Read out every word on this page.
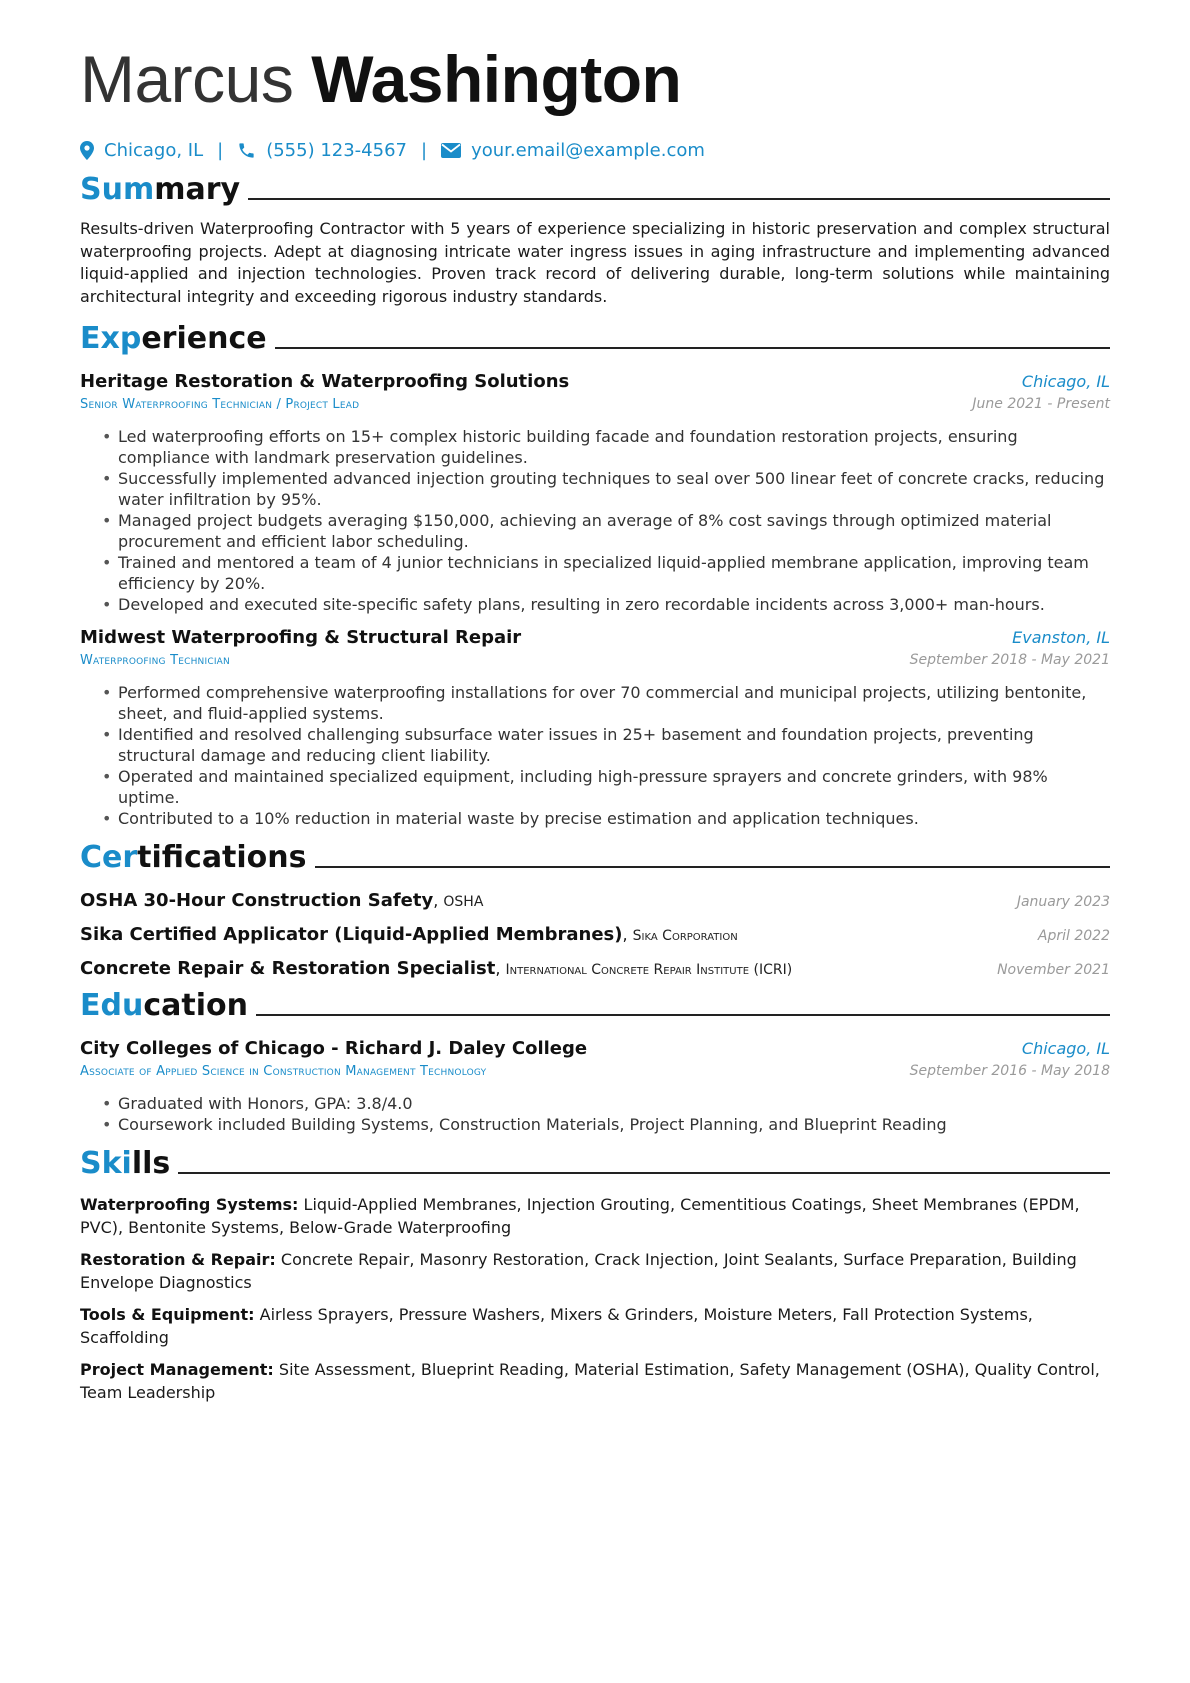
Marcus Washington
Chicago, IL | (555) 123-4567 | your.email@example.com
Summary
Results-driven Waterproofing Contractor with 5 years of experience specializing in historic preservation and complex structural waterproofing projects. Adept at diagnosing intricate water ingress issues in aging infrastructure and implementing advanced liquid-applied and injection technologies. Proven track record of delivering durable, long-term solutions while maintaining architectural integrity and exceeding rigorous industry standards.
Experience
Heritage Restoration & Waterproofing Solutions	Chicago, IL
Senior Waterproofing Technician / Project Lead	June 2021 - Present
• Led waterproofing efforts on 15+ complex historic building facade and foundation restoration projects, ensuring compliance with landmark preservation guidelines.
• Successfully implemented advanced injection grouting techniques to seal over 500 linear feet of concrete cracks, reducing water infiltration by 95%.
• Managed project budgets averaging $150,000, achieving an average of 8% cost savings through optimized material procurement and efficient labor scheduling.
• Trained and mentored a team of 4 junior technicians in specialized liquid-applied membrane application, improving team efficiency by 20%.
• Developed and executed site-specific safety plans, resulting in zero recordable incidents across 3,000+ man-hours.
Midwest Waterproofing & Structural Repair	Evanston, IL
Waterproofing Technician	September 2018 - May 2021
• Performed comprehensive waterproofing installations for over 70 commercial and municipal projects, utilizing bentonite, sheet, and fluid-applied systems.
• Identified and resolved challenging subsurface water issues in 25+ basement and foundation projects, preventing structural damage and reducing client liability.
• Operated and maintained specialized equipment, including high-pressure sprayers and concrete grinders, with 98% uptime.
• Contributed to a 10% reduction in material waste by precise estimation and application techniques.
Certifications
OSHA 30-Hour Construction Safety, OSHA	January 2023
Sika Certified Applicator (Liquid-Applied Membranes), Sika Corporation	April 2022
Concrete Repair & Restoration Specialist, International Concrete Repair Institute (ICRI)	November 2021
Education
City Colleges of Chicago - Richard J. Daley College	Chicago, IL
Associate of Applied Science in Construction Management Technology	September 2016 - May 2018
• Graduated with Honors, GPA: 3.8/4.0
• Coursework included Building Systems, Construction Materials, Project Planning, and Blueprint Reading
Skills
Waterproofing Systems: Liquid-Applied Membranes, Injection Grouting, Cementitious Coatings, Sheet Membranes (EPDM, PVC), Bentonite Systems, Below-Grade Waterproofing
Restoration & Repair: Concrete Repair, Masonry Restoration, Crack Injection, Joint Sealants, Surface Preparation, Building Envelope Diagnostics
Tools & Equipment: Airless Sprayers, Pressure Washers, Mixers & Grinders, Moisture Meters, Fall Protection Systems, Scaffolding
Project Management: Site Assessment, Blueprint Reading, Material Estimation, Safety Management (OSHA), Quality Control, Team Leadership
